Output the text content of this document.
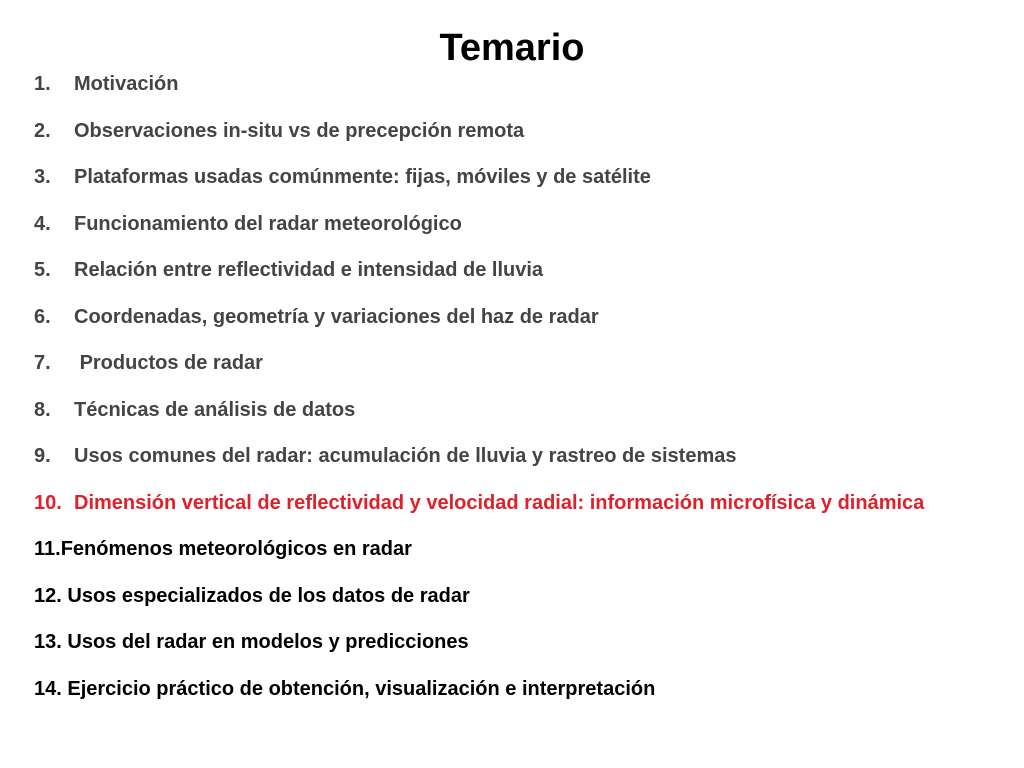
Temario
1.	Motivación
2.	Observaciones in-situ vs de precepción remota
3.	Plataformas usadas comúnmente: fijas, móviles y de satélite
4.	Funcionamiento del radar meteorológico
5.	Relación entre reflectividad e intensidad de lluvia
6.	Coordenadas, geometría y variaciones del haz de radar
7.	Productos de radar
8.	Técnicas de análisis de datos
9.	Usos comunes del radar: acumulación de lluvia y rastreo de sistemas
10. Dimensión vertical de reflectividad y velocidad radial: información microfísica y dinámica
11. Fenómenos meteorológicos en radar
12. Usos especializados de los datos de radar
13. Usos del radar en modelos y predicciones
14. Ejercicio práctico de obtención, visualización e interpretación
